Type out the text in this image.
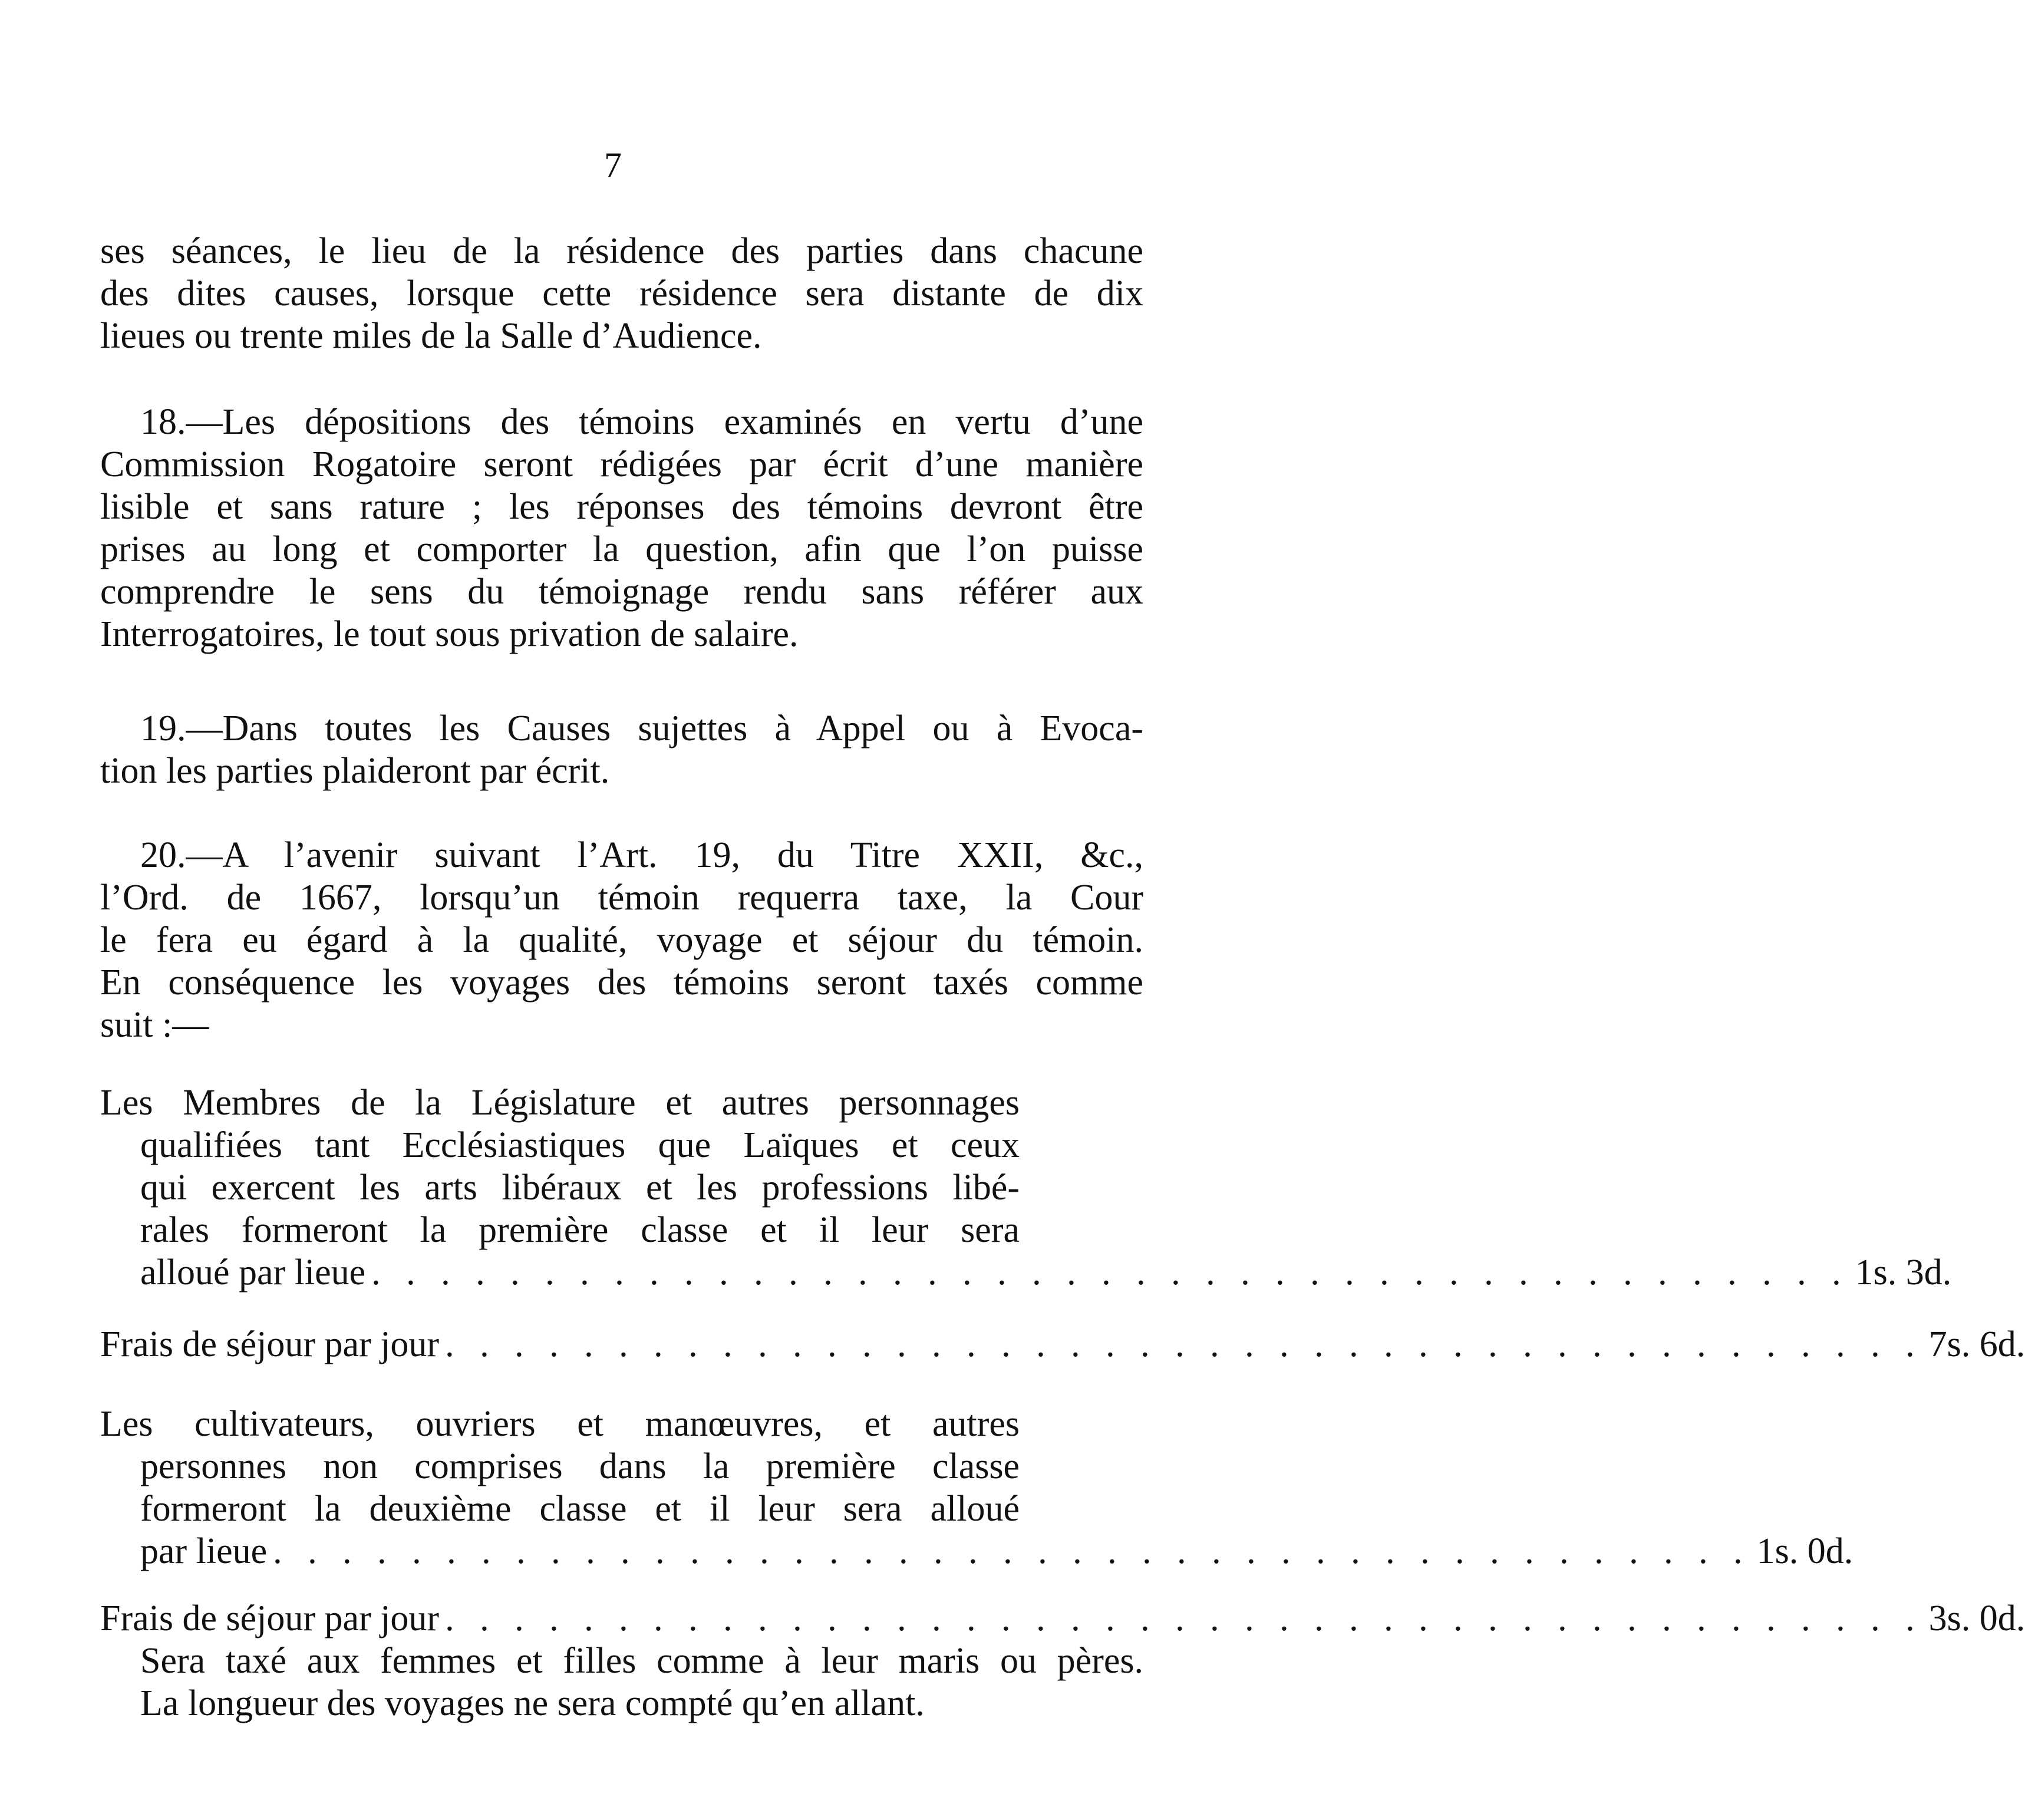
7
ses séances, le lieu de la résidence des parties dans chacune
des dites causes, lorsque cette résidence sera distante de dix
lieues ou trente miles de la Salle d’Audience.
18.—Les dépositions des témoins examinés en vertu d’une
Commission Rogatoire seront rédigées par écrit d’une manière
lisible et sans rature ; les réponses des témoins devront être
prises au long et comporter la question, afin que l’on puisse
comprendre le sens du témoignage rendu sans référer aux
Interrogatoires, le tout sous privation de salaire.
19.—Dans toutes les Causes sujettes à Appel ou à Evoca-
tion les parties plaideront par écrit.
20.—A l’avenir suivant l’Art. 19, du Titre XXII, &c.,
l’Ord. de 1667, lorsqu’un témoin requerra taxe, la Cour
le fera eu égard à la qualité, voyage et séjour du témoin.
En conséquence les voyages des témoins seront taxés comme
suit :—
Les Membres de la Législature et autres personnages
qualifiées tant Ecclésiastiques que Laïques et ceux
qui exercent les arts libéraux et les professions libé-
rales formeront la première classe et il leur sera
alloué par lieue . . . . . . . . . . . . . . . . . . . . . . . . . . . . . . . . . . . . . . . . . . . 1s. 3d.
Frais de séjour par jour . . . . . . . . . . . . . . . . . . . . . . . . . . . . . . . . . . . . . . . . . . . 7s. 6d.
Les cultivateurs, ouvriers et manœuvres, et autres
personnes non comprises dans la première classe
formeront la deuxième classe et il leur sera alloué
par lieue . . . . . . . . . . . . . . . . . . . . . . . . . . . . . . . . . . . . . . . . . . . 1s. 0d.
Frais de séjour par jour . . . . . . . . . . . . . . . . . . . . . . . . . . . . . . . . . . . . . . . . . . . 3s. 0d.
Sera taxé aux femmes et filles comme à leur maris ou pères.
La longueur des voyages ne sera compté qu’en allant.
